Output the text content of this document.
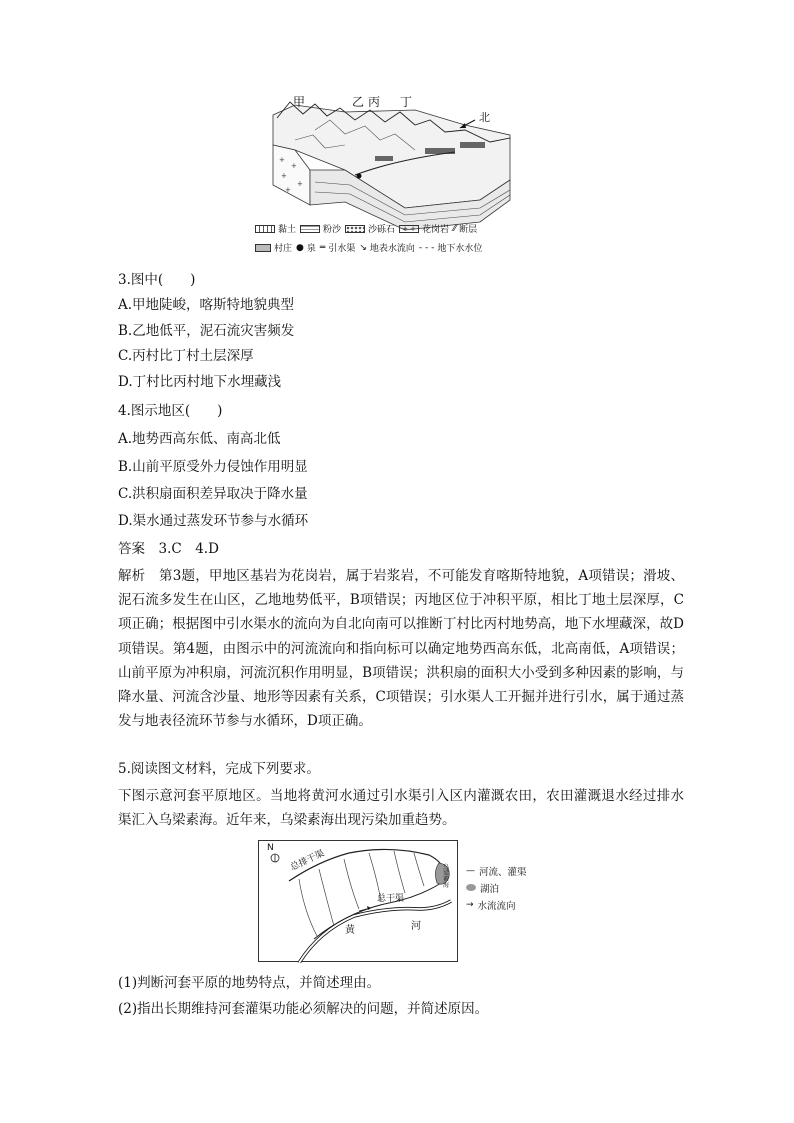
+
+
+
+
+
甲	乙 丙 丁
北
黏土	粉沙	沙砾石	+ + 花岗岩 ⁄⁄ 断层
村庄 ● 泉 ═ 引水渠 ↘ 地表水流向 - - - 地下水水位
3.图中(　　)
A.甲地陡峻，喀斯特地貌典型
B.乙地低平，泥石流灾害频发
C.丙村比丁村土层深厚
D.丁村比丙村地下水埋藏浅
4.图示地区(　　)
A.地势西高东低、南高北低
B.山前平原受外力侵蚀作用明显
C.洪积扇面积差异取决于降水量
D.渠水通过蒸发环节参与水循环
答案　3.C　4.D
解析　第3题，甲地区基岩为花岗岩，属于岩浆岩，不可能发育喀斯特地貌，A项错误；滑坡、泥石流多发生在山区，乙地地势低平，B项错误；丙地区位于冲积平原，相比丁地土层深厚，C项正确；根据图中引水渠水的流向为自北向南可以推断丁村比丙村地势高，地下水埋藏深，故D项错误。第4题，由图示中的河流流向和指向标可以确定地势西高东低，北高南低，A项错误；山前平原为冲积扇，河流沉积作用明显，B项错误；洪积扇的面积大小受到多种因素的影响，与降水量、河流含沙量、地形等因素有关系，C项错误；引水渠人工开掘并进行引水，属于通过蒸发与地表径流环节参与水循环，D项正确。
5.阅读图文材料，完成下列要求。
下图示意河套平原地区。当地将黄河水通过引水渠引入区内灌溉农田，农田灌溉退水经过排水渠汇入乌梁素海。近年来，乌梁素海出现污染加重趋势。
N
总排干渠
总干渠
黄	河
乌梁素海
— 河流、灌渠
湖泊
→ 水流流向
(1)判断河套平原的地势特点，并简述理由。
(2)指出长期维持河套灌渠功能必须解决的问题，并简述原因。
